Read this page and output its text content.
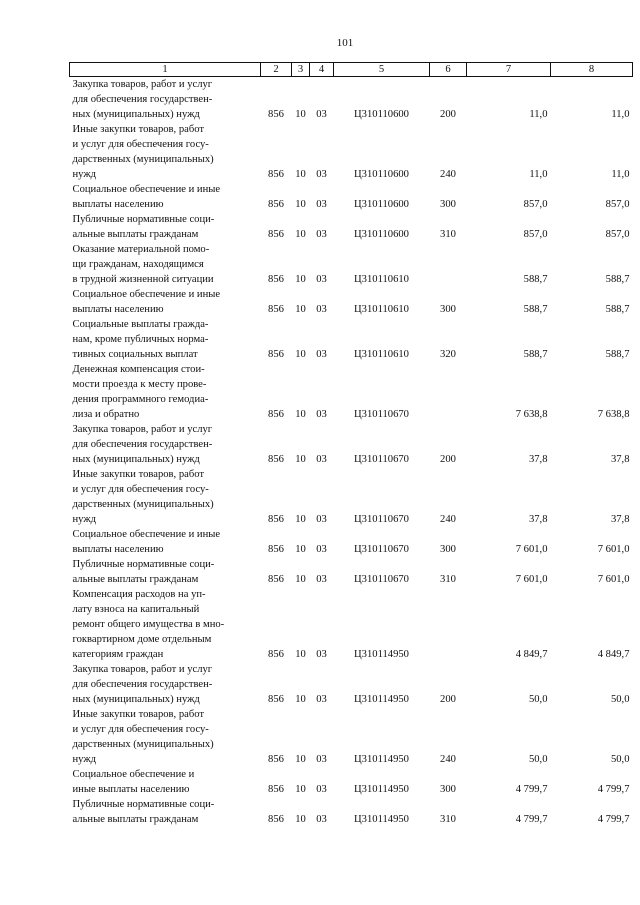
101
1	2	3	4	5	6	7	8
Закупка товаров, работ и услуг
для обеспечения государствен-
ных (муниципальных) нужд	856	10	03	Ц310110600	200	11,0	11,0
Иные закупки товаров, работ
и услуг для обеспечения госу-
дарственных (муниципальных)
нужд	856	10	03	Ц310110600	240	11,0	11,0
Социальное обеспечение и иные
выплаты населению	856	10	03	Ц310110600	300	857,0	857,0
Публичные нормативные соци-
альные выплаты гражданам	856	10	03	Ц310110600	310	857,0	857,0
Оказание материальной помо-
щи гражданам, находящимся
в трудной жизненной ситуации	856	10	03	Ц310110610		588,7	588,7
Социальное обеспечение и иные
выплаты населению	856	10	03	Ц310110610	300	588,7	588,7
Социальные выплаты гражда-
нам, кроме публичных норма-
тивных социальных выплат	856	10	03	Ц310110610	320	588,7	588,7
Денежная компенсация стои-
мости проезда к месту прове-
дения программного гемодиа-
лиза и обратно	856	10	03	Ц310110670		7 638,8	7 638,8
Закупка товаров, работ и услуг
для обеспечения государствен-
ных (муниципальных) нужд	856	10	03	Ц310110670	200	37,8	37,8
Иные закупки товаров, работ
и услуг для обеспечения госу-
дарственных (муниципальных)
нужд	856	10	03	Ц310110670	240	37,8	37,8
Социальное обеспечение и иные
выплаты населению	856	10	03	Ц310110670	300	7 601,0	7 601,0
Публичные нормативные соци-
альные выплаты гражданам	856	10	03	Ц310110670	310	7 601,0	7 601,0
Компенсация расходов на уп-
лату взноса на капитальный
ремонт общего имущества в мно-
гоквартирном доме отдельным
категориям граждан	856	10	03	Ц310114950		4 849,7	4 849,7
Закупка товаров, работ и услуг
для обеспечения государствен-
ных (муниципальных) нужд	856	10	03	Ц310114950	200	50,0	50,0
Иные закупки товаров, работ
и услуг для обеспечения госу-
дарственных (муниципальных)
нужд	856	10	03	Ц310114950	240	50,0	50,0
Социальное обеспечение и
иные выплаты населению	856	10	03	Ц310114950	300	4 799,7	4 799,7
Публичные нормативные соци-
альные выплаты гражданам	856	10	03	Ц310114950	310	4 799,7	4 799,7
